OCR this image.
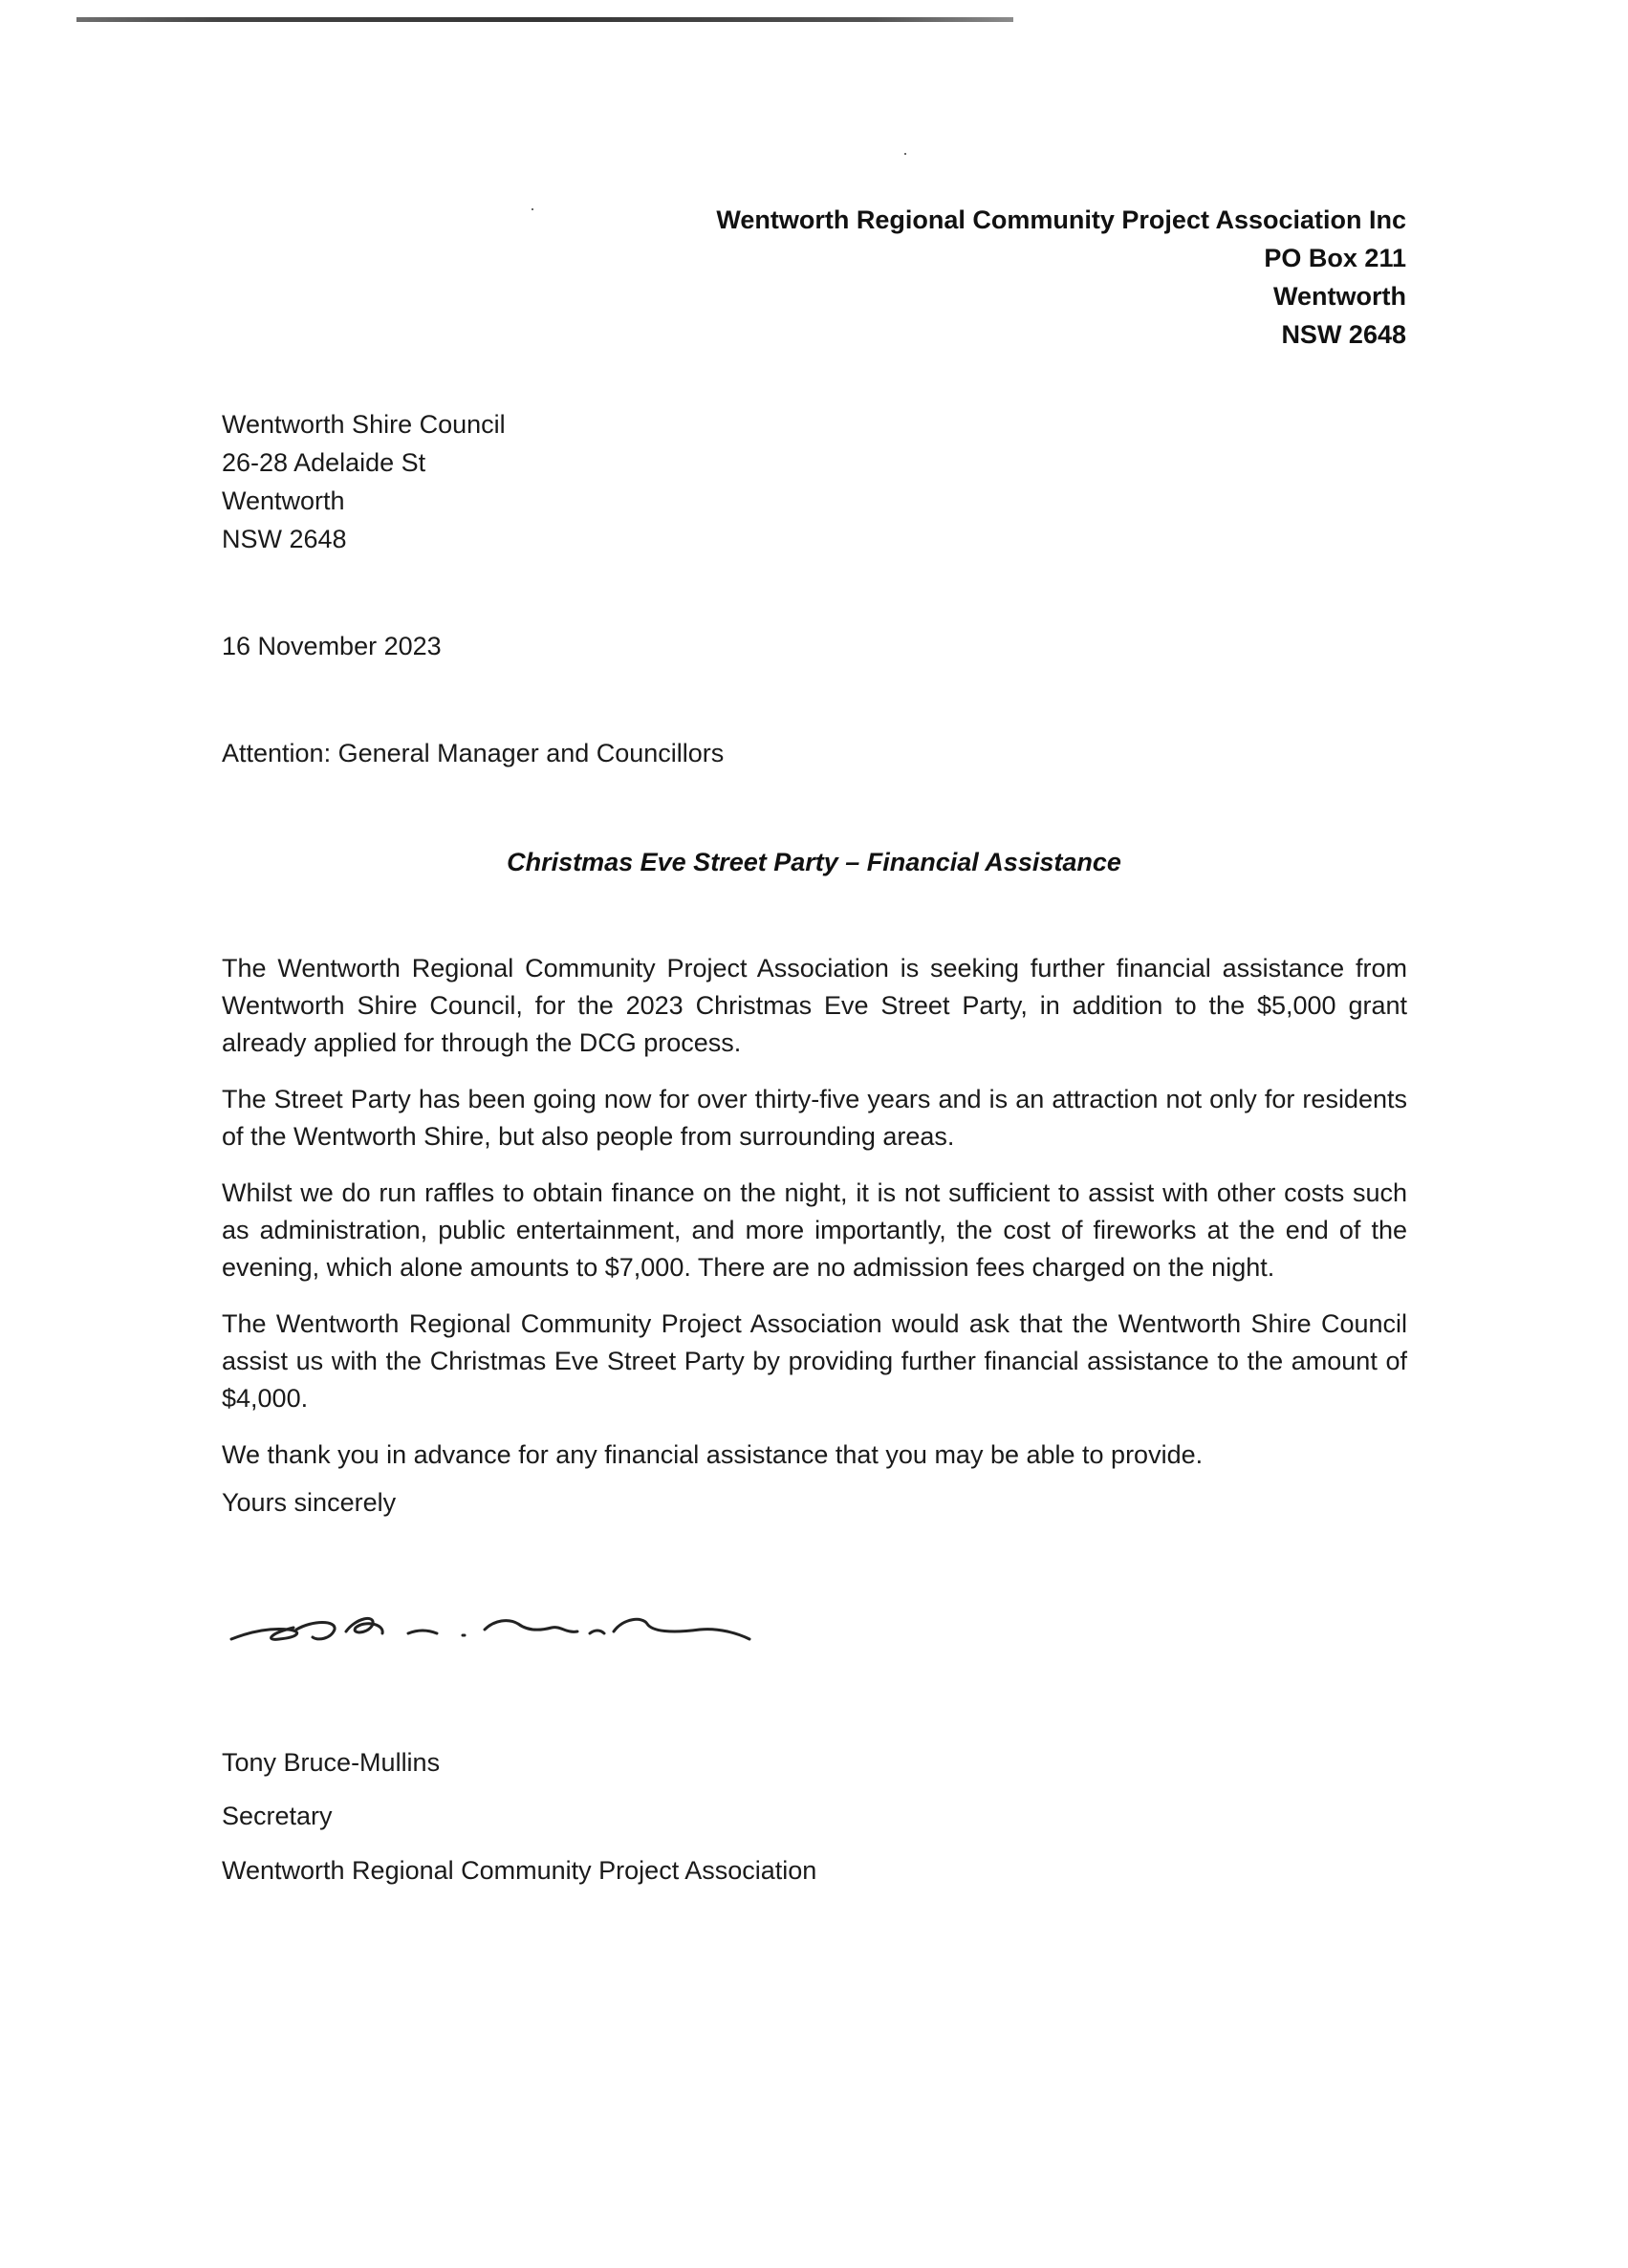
Wentworth Regional Community Project Association Inc
PO Box 211
Wentworth
NSW 2648
Wentworth Shire Council
26-28 Adelaide St
Wentworth
NSW 2648
16 November 2023
Attention: General Manager and Councillors
Christmas Eve Street Party – Financial Assistance

The Wentworth Regional Community Project Association is seeking further financial assistance from Wentworth Shire Council, for the 2023 Christmas Eve Street Party, in addition to the $5,000 grant already applied for through the DCG process.

The Street Party has been going now for over thirty-five years and is an attraction not only for residents of the Wentworth Shire, but also people from surrounding areas.

Whilst we do run raffles to obtain finance on the night, it is not sufficient to assist with other costs such as administration, public entertainment, and more importantly, the cost of fireworks at the end of the evening, which alone amounts to $7,000. There are no admission fees charged on the night.

The Wentworth Regional Community Project Association would ask that the Wentworth Shire Council assist us with the Christmas Eve Street Party by providing further financial assistance to the amount of $4,000.

We thank you in advance for any financial assistance that you may be able to provide.

Yours sincerely
Tony Bruce-Mullins
Secretary
Wentworth Regional Community Project Association
